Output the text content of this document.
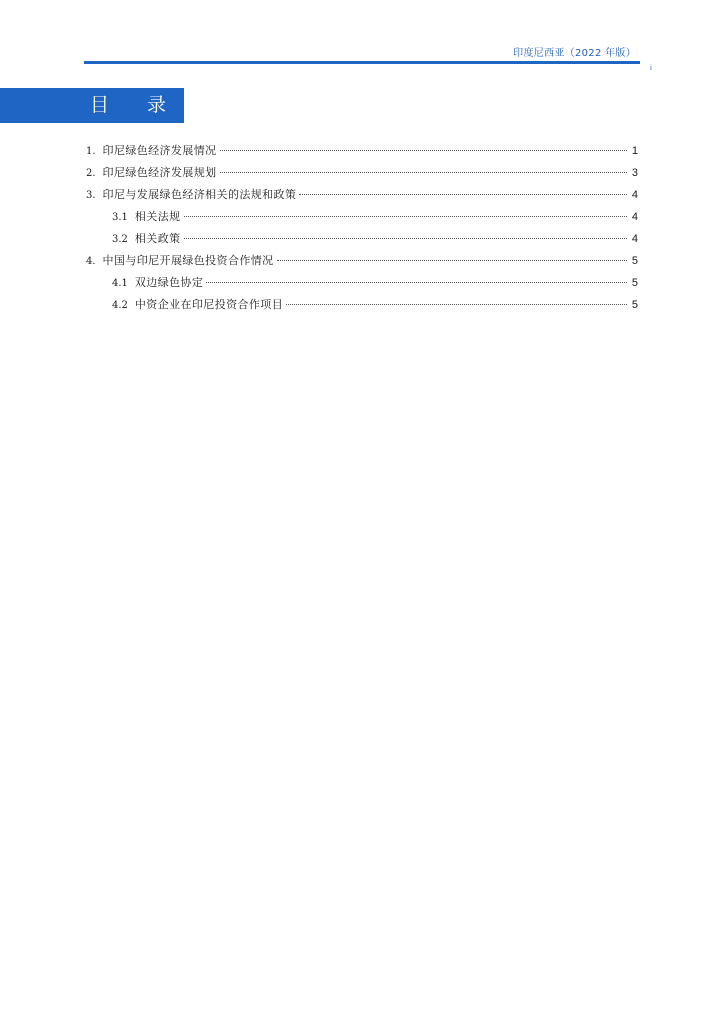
印度尼西亚（2022 年版）
i
目 录
1. 印尼绿色经济发展情况	1
2. 印尼绿色经济发展规划	3
3. 印尼与发展绿色经济相关的法规和政策	4
3.1 相关法规	4
3.2 相关政策	4
4. 中国与印尼开展绿色投资合作情况	5
4.1 双边绿色协定	5
4.2 中资企业在印尼投资合作项目	5
